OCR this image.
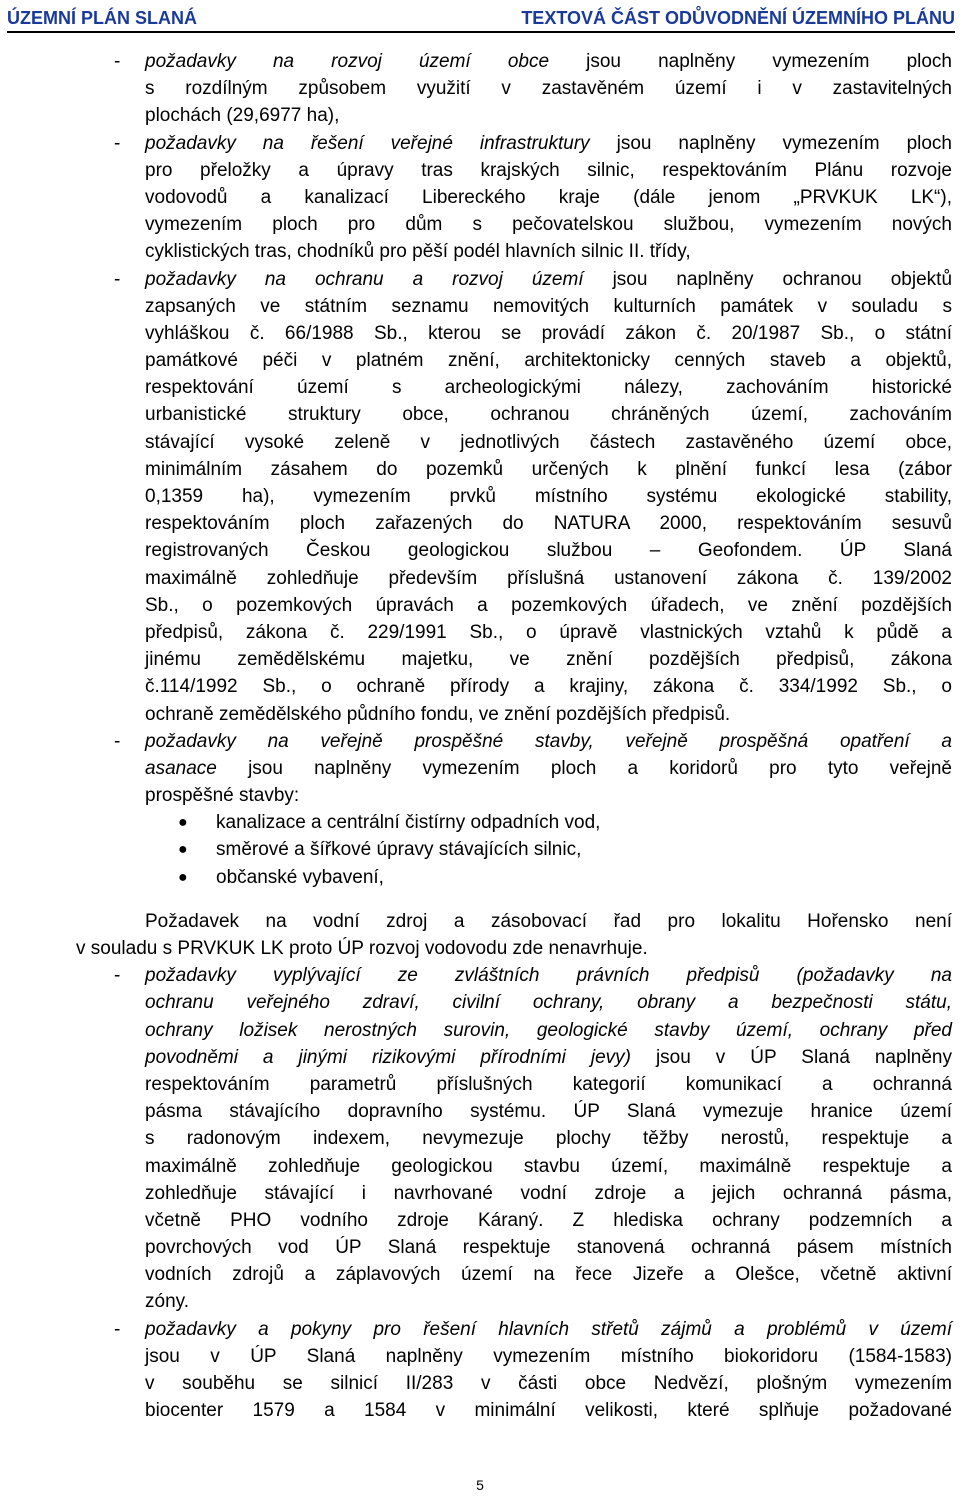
ÚZEMNÍ PLÁN SLANÁ	TEXTOVÁ ČÁST ODŮVODNĚNÍ ÚZEMNÍHO PLÁNU
- požadavky na rozvoj území obce jsou naplněny vymezením ploch
s rozdílným způsobem využití v zastavěném území i v zastavitelných
plochách (29,6977 ha),
- požadavky na řešení veřejné infrastruktury jsou naplněny vymezením ploch
pro přeložky a úpravy tras krajských silnic, respektováním Plánu rozvoje
vodovodů a kanalizací Libereckého kraje (dále jenom „PRVKUK LK“),
vymezením ploch pro dům s pečovatelskou službou, vymezením nových
cyklistických tras, chodníků pro pěší podél hlavních silnic II. třídy,
- požadavky na ochranu a rozvoj území jsou naplněny ochranou objektů
zapsaných ve státním seznamu nemovitých kulturních památek v souladu s
vyhláškou č. 66/1988 Sb., kterou se provádí zákon č. 20/1987 Sb., o státní
památkové péči v platném znění, architektonicky cenných staveb a objektů,
respektování území s archeologickými nálezy, zachováním historické
urbanistické struktury obce, ochranou chráněných území, zachováním
stávající vysoké zeleně v jednotlivých částech zastavěného území obce,
minimálním zásahem do pozemků určených k plnění funkcí lesa (zábor
0,1359 ha), vymezením prvků místního systému ekologické stability,
respektováním ploch zařazených do NATURA 2000, respektováním sesuvů
registrovaných Českou geologickou službou – Geofondem. ÚP Slaná
maximálně zohledňuje především příslušná ustanovení zákona č. 139/2002
Sb., o pozemkových úpravách a pozemkových úřadech, ve znění pozdějších
předpisů, zákona č. 229/1991 Sb., o úpravě vlastnických vztahů k půdě a
jinému zemědělskému majetku, ve znění pozdějších předpisů, zákona
č.114/1992 Sb., o ochraně přírody a krajiny, zákona č. 334/1992 Sb., o
ochraně zemědělského půdního fondu, ve znění pozdějších předpisů.
- požadavky na veřejně prospěšné stavby, veřejně prospěšná opatření a
asanace jsou naplněny vymezením ploch a koridorů pro tyto veřejně
prospěšné stavby:
● kanalizace a centrální čistírny odpadních vod,
● směrové a šířkové úpravy stávajících silnic,
● občanské vybavení,
Požadavek na vodní zdroj a zásobovací řad pro lokalitu Hořensko není
v souladu s PRVKUK LK proto ÚP rozvoj vodovodu zde nenavrhuje.
- požadavky vyplývající ze zvláštních právních předpisů (požadavky na
ochranu veřejného zdraví, civilní ochrany, obrany a bezpečnosti státu,
ochrany ložisek nerostných surovin, geologické stavby území, ochrany před
povodněmi a jinými rizikovými přírodními jevy) jsou v ÚP Slaná naplněny
respektováním parametrů příslušných kategorií komunikací a ochranná
pásma stávajícího dopravního systému. ÚP Slaná vymezuje hranice území
s radonovým indexem, nevymezuje plochy těžby nerostů, respektuje a
maximálně zohledňuje geologickou stavbu území, maximálně respektuje a
zohledňuje stávající i navrhované vodní zdroje a jejich ochranná pásma,
včetně PHO vodního zdroje Káraný. Z hlediska ochrany podzemních a
povrchových vod ÚP Slaná respektuje stanovená ochranná pásem místních
vodních zdrojů a záplavových území na řece Jizeře a Olešce, včetně aktivní
zóny.
- požadavky a pokyny pro řešení hlavních střetů zájmů a problémů v území
jsou v ÚP Slaná naplněny vymezením místního biokoridoru (1584-1583)
v souběhu se silnicí II/283 v části obce Nedvězí, plošným vymezením
biocenter 1579 a 1584 v minimální velikosti, které splňuje požadované
5
